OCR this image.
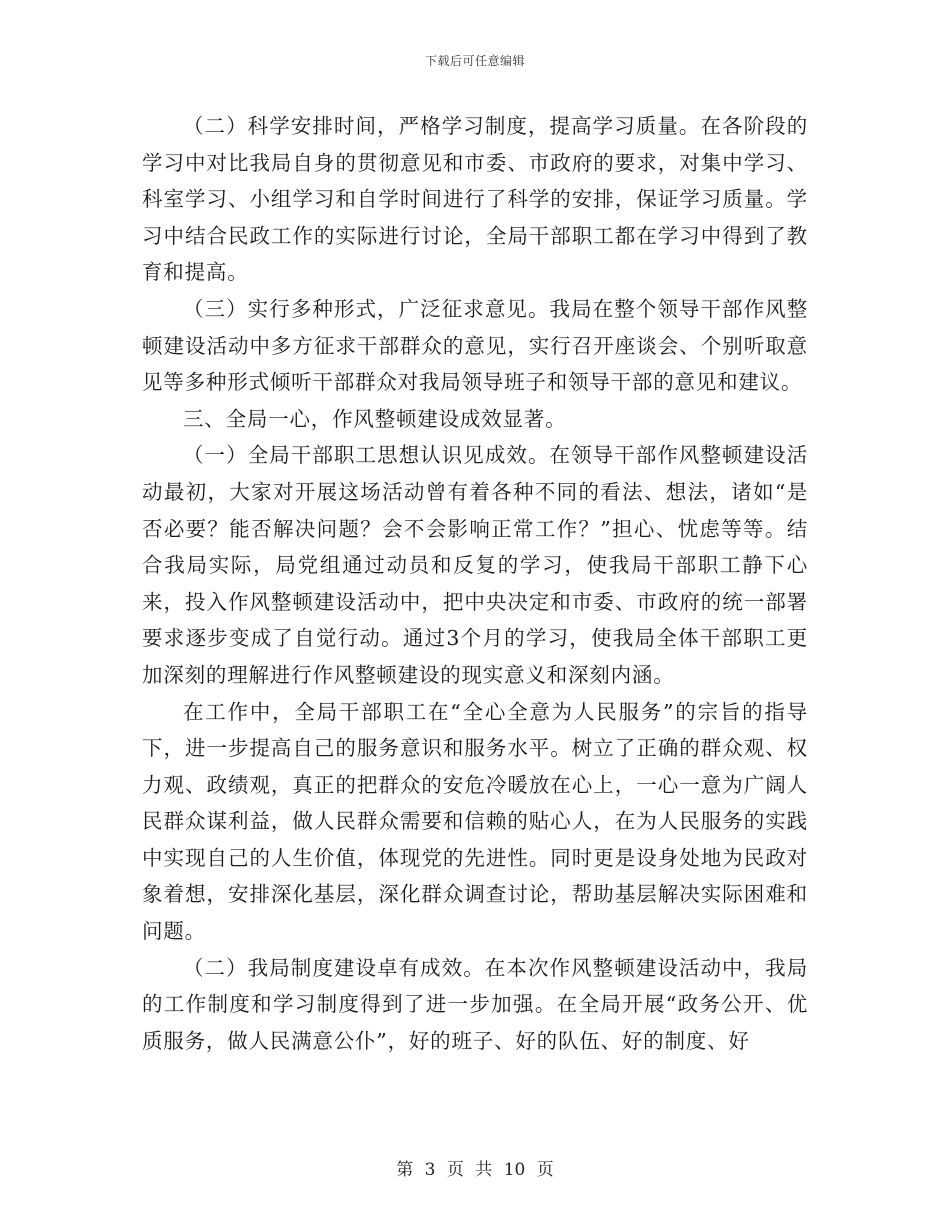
下载后可任意编辑

（二）科学安排时间，严格学习制度，提高学习质量。在各阶段的学习中对比我局自身的贯彻意见和市委、市政府的要求，对集中学习、科室学习、小组学习和自学时间进行了科学的安排，保证学习质量。学习中结合民政工作的实际进行讨论，全局干部职工都在学习中得到了教育和提高。

（三）实行多种形式，广泛征求意见。我局在整个领导干部作风整顿建设活动中多方征求干部群众的意见，实行召开座谈会、个别听取意见等多种形式倾听干部群众对我局领导班子和领导干部的意见和建议。

三、全局一心，作风整顿建设成效显著。

（一）全局干部职工思想认识见成效。在领导干部作风整顿建设活动最初，大家对开展这场活动曾有着各种不同的看法、想法，诸如“是否必要？能否解决问题？会不会影响正常工作？”担心、忧虑等等。结合我局实际，局党组通过动员和反复的学习，使我局干部职工静下心来，投入作风整顿建设活动中，把中央决定和市委、市政府的统一部署要求逐步变成了自觉行动。通过3个月的学习，使我局全体干部职工更加深刻的理解进行作风整顿建设的现实意义和深刻内涵。

在工作中，全局干部职工在“全心全意为人民服务”的宗旨的指导下，进一步提高自己的服务意识和服务水平。树立了正确的群众观、权力观、政绩观，真正的把群众的安危冷暖放在心上，一心一意为广阔人民群众谋利益，做人民群众需要和信赖的贴心人，在为人民服务的实践中实现自己的人生价值，体现党的先进性。同时更是设身处地为民政对象着想，安排深化基层，深化群众调查讨论，帮助基层解决实际困难和问题。

（二）我局制度建设卓有成效。在本次作风整顿建设活动中，我局的工作制度和学习制度得到了进一步加强。在全局开展“政务公开、优质服务，做人民满意公仆”，好的班子、好的队伍、好的制度、好

第 3 页 共 10 页
